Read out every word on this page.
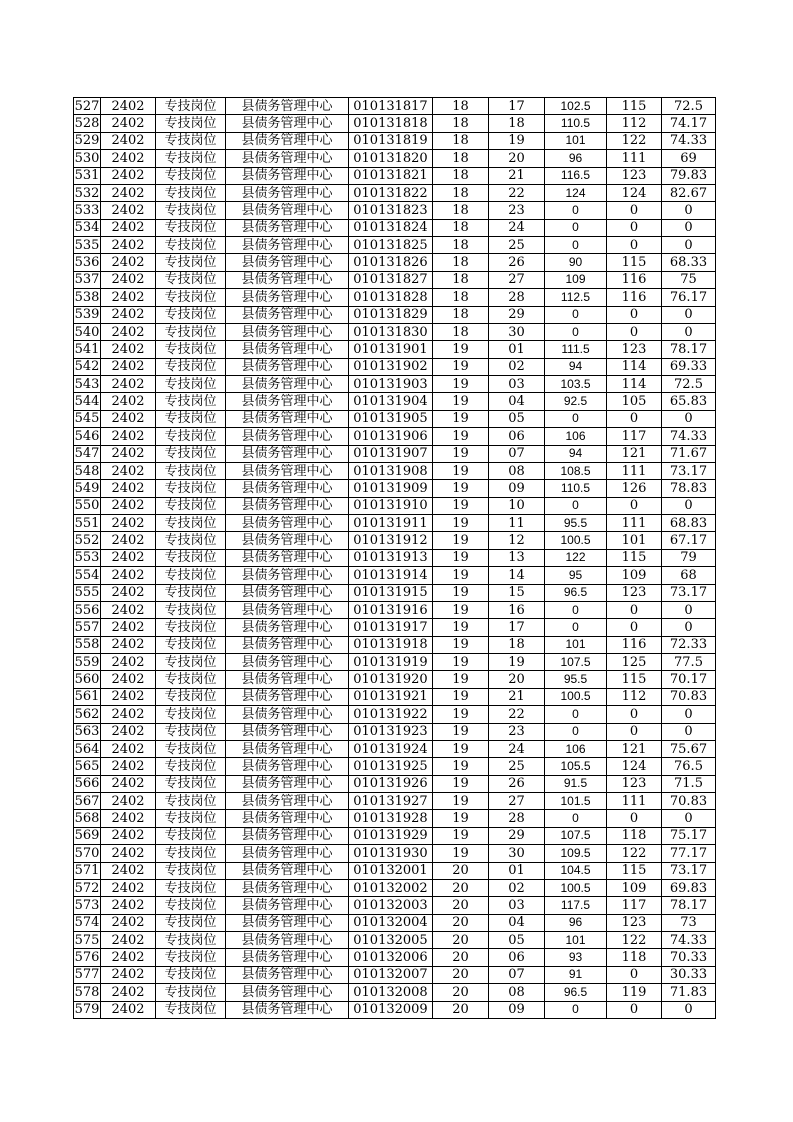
527	2402	专技岗位	县债务管理中心	010131817	18	17	102.5	115	72.5
528	2402	专技岗位	县债务管理中心	010131818	18	18	110.5	112	74.17
529	2402	专技岗位	县债务管理中心	010131819	18	19	101	122	74.33
530	2402	专技岗位	县债务管理中心	010131820	18	20	96	111	69
531	2402	专技岗位	县债务管理中心	010131821	18	21	116.5	123	79.83
532	2402	专技岗位	县债务管理中心	010131822	18	22	124	124	82.67
533	2402	专技岗位	县债务管理中心	010131823	18	23	0	0	0
534	2402	专技岗位	县债务管理中心	010131824	18	24	0	0	0
535	2402	专技岗位	县债务管理中心	010131825	18	25	0	0	0
536	2402	专技岗位	县债务管理中心	010131826	18	26	90	115	68.33
537	2402	专技岗位	县债务管理中心	010131827	18	27	109	116	75
538	2402	专技岗位	县债务管理中心	010131828	18	28	112.5	116	76.17
539	2402	专技岗位	县债务管理中心	010131829	18	29	0	0	0
540	2402	专技岗位	县债务管理中心	010131830	18	30	0	0	0
541	2402	专技岗位	县债务管理中心	010131901	19	01	111.5	123	78.17
542	2402	专技岗位	县债务管理中心	010131902	19	02	94	114	69.33
543	2402	专技岗位	县债务管理中心	010131903	19	03	103.5	114	72.5
544	2402	专技岗位	县债务管理中心	010131904	19	04	92.5	105	65.83
545	2402	专技岗位	县债务管理中心	010131905	19	05	0	0	0
546	2402	专技岗位	县债务管理中心	010131906	19	06	106	117	74.33
547	2402	专技岗位	县债务管理中心	010131907	19	07	94	121	71.67
548	2402	专技岗位	县债务管理中心	010131908	19	08	108.5	111	73.17
549	2402	专技岗位	县债务管理中心	010131909	19	09	110.5	126	78.83
550	2402	专技岗位	县债务管理中心	010131910	19	10	0	0	0
551	2402	专技岗位	县债务管理中心	010131911	19	11	95.5	111	68.83
552	2402	专技岗位	县债务管理中心	010131912	19	12	100.5	101	67.17
553	2402	专技岗位	县债务管理中心	010131913	19	13	122	115	79
554	2402	专技岗位	县债务管理中心	010131914	19	14	95	109	68
555	2402	专技岗位	县债务管理中心	010131915	19	15	96.5	123	73.17
556	2402	专技岗位	县债务管理中心	010131916	19	16	0	0	0
557	2402	专技岗位	县债务管理中心	010131917	19	17	0	0	0
558	2402	专技岗位	县债务管理中心	010131918	19	18	101	116	72.33
559	2402	专技岗位	县债务管理中心	010131919	19	19	107.5	125	77.5
560	2402	专技岗位	县债务管理中心	010131920	19	20	95.5	115	70.17
561	2402	专技岗位	县债务管理中心	010131921	19	21	100.5	112	70.83
562	2402	专技岗位	县债务管理中心	010131922	19	22	0	0	0
563	2402	专技岗位	县债务管理中心	010131923	19	23	0	0	0
564	2402	专技岗位	县债务管理中心	010131924	19	24	106	121	75.67
565	2402	专技岗位	县债务管理中心	010131925	19	25	105.5	124	76.5
566	2402	专技岗位	县债务管理中心	010131926	19	26	91.5	123	71.5
567	2402	专技岗位	县债务管理中心	010131927	19	27	101.5	111	70.83
568	2402	专技岗位	县债务管理中心	010131928	19	28	0	0	0
569	2402	专技岗位	县债务管理中心	010131929	19	29	107.5	118	75.17
570	2402	专技岗位	县债务管理中心	010131930	19	30	109.5	122	77.17
571	2402	专技岗位	县债务管理中心	010132001	20	01	104.5	115	73.17
572	2402	专技岗位	县债务管理中心	010132002	20	02	100.5	109	69.83
573	2402	专技岗位	县债务管理中心	010132003	20	03	117.5	117	78.17
574	2402	专技岗位	县债务管理中心	010132004	20	04	96	123	73
575	2402	专技岗位	县债务管理中心	010132005	20	05	101	122	74.33
576	2402	专技岗位	县债务管理中心	010132006	20	06	93	118	70.33
577	2402	专技岗位	县债务管理中心	010132007	20	07	91	0	30.33
578	2402	专技岗位	县债务管理中心	010132008	20	08	96.5	119	71.83
579	2402	专技岗位	县债务管理中心	010132009	20	09	0	0	0
